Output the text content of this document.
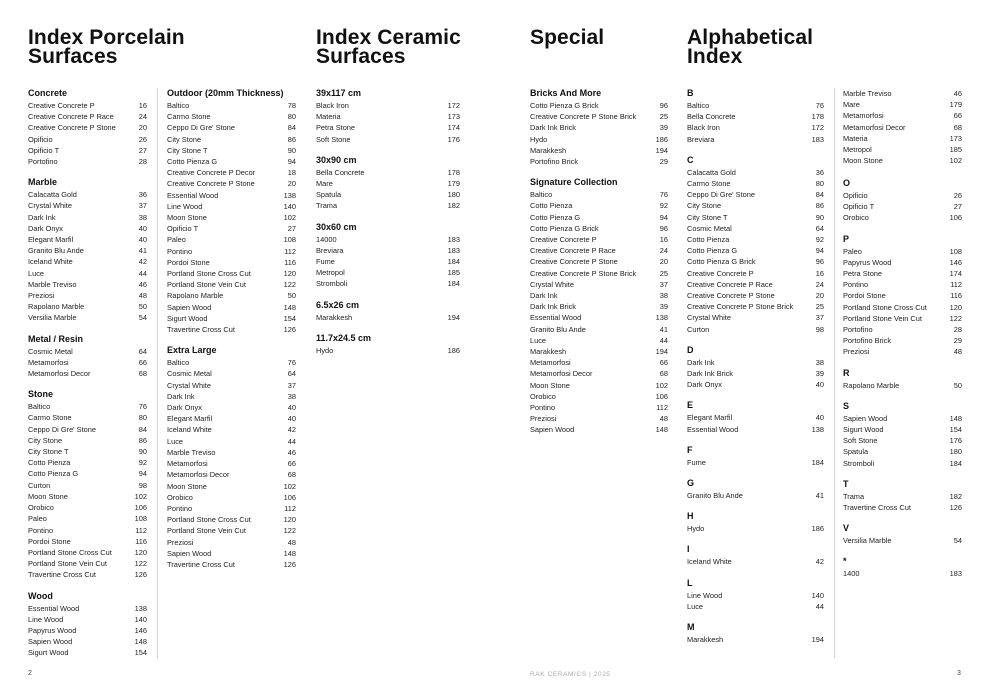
Index Porcelain
Surfaces
Index Ceramic
Surfaces
Special	Alphabetical
Index
Concrete
Creative Concrete P	16
Creative Concrete P Race	24
Creative Concrete P Stone	20
Opificio	26
Opificio T	27
Portofino	28
Marble
Calacatta Gold	36
Crystal White	37
Dark Ink	38
Dark Onyx	40
Elegant Marfil	40
Granito Blu Ande	41
Iceland White	42
Luce	44
Marble Treviso	46
Preziosi	48
Rapolano Marble	50
Versilia Marble	54
Metal / Resin
Cosmic Metal	64
Metamorfosi	66
Metamorfosi Decor	68
Stone
Baltico	76
Carmo Stone	80
Ceppo Di Gre' Stone	84
City Stone	86
City Stone T	90
Cotto Pienza	92
Cotto Pienza G	94
Curton	98
Moon Stone	102
Orobico	106
Paleo	108
Pontino	112
Pordoi Stone	116
Portland Stone Cross Cut	120
Portland Stone Vein Cut	122
Travertine Cross Cut	126
Wood
Essential Wood	138
Line Wood	140
Papyrus Wood	146
Sapien Wood	148
Sigurt Wood	154
Outdoor (20mm Thickness)
Baltico	78
Carmo Stone	80
Ceppo Di Gre' Stone	84
City Stone	86
City Stone T	90
Cotto Pienza G	94
Creative Concrete P Decor	18
Creative Concrete P Stone	20
Essential Wood	138
Line Wood	140
Moon Stone	102
Opificio T	27
Paleo	108
Pontino	112
Pordoi Stone	116
Portland Stone Cross Cut	120
Portland Stone Vein Cut	122
Rapolano Marble	50
Sapien Wood	148
Sigurt Wood	154
Travertine Cross Cut	126
Extra Large
Baltico	76
Cosmic Metal	64
Crystal White	37
Dark Ink	38
Dark Onyx	40
Elegant Marfil	40
Iceland White	42
Luce	44
Marble Treviso	46
Metamorfosi	66
Metamorfosi Decor	68
Moon Stone	102
Orobico	106
Pontino	112
Portland Stone Cross Cut	120
Portland Stone Vein Cut	122
Preziosi	48
Sapien Wood	148
Travertine Cross Cut	126
39x117 cm
Black Iron	172
Materia	173
Petra Stone	174
Soft Stone	176
30x90 cm
Bella Concrete	178
Mare	179
Spatula	180
Trama	182
30x60 cm
14000	183
Breviara	183
Fume	184
Metropol	185
Stromboli	184
6.5x26 cm
Marakkesh	194
11.7x24.5 cm
Hydo	186
Bricks And More
Cotto Pienza G Brick	96
Creative Concrete P Stone Brick	25
Dark Ink Brick	39
Hydo	186
Marakkesh	194
Portofino Brick	29
Signature Collection
Baltico	76
Cotto Pienza	92
Cotto Pienza G	94
Cotto Pienza G Brick	96
Creative Concrete P	16
Creative Concrete P Race	24
Creative Concrete P Stone	20
Creative Concrete P Stone Brick	25
Crystal White	37
Dark Ink	38
Dark Ink Brick	39
Essential Wood	138
Granito Blu Ande	41
Luce	44
Marakkesh	194
Metamorfosi	66
Metamorfosi Decor	68
Moon Stone	102
Orobico	106
Pontino	112
Preziosi	48
Sapien Wood	148
B
Baltico	76
Bella Concrete	178
Black Iron	172
Breviara	183
C
Calacatta Gold	36
Carmo Stone	80
Ceppo Di Gre' Stone	84
City Stone	86
City Stone T	90
Cosmic Metal	64
Cotto Pienza	92
Cotto Pienza G	94
Cotto Pienza G Brick	96
Creative Concrete P	16
Creative Concrete P Race	24
Creative Concrete P Stone	20
Creative Concrete P Stone Brick	25
Crystal White	37
Curton	98
D
Dark Ink	38
Dark Ink Brick	39
Dark Onyx	40
E
Elegant Marfil	40
Essential Wood	138
F
Fume	184
G
Granito Blu Ande	41
H
Hydo	186
I
Iceland White	42
L
Line Wood	140
Luce	44
M
Marakkesh	194
Marble Treviso	46
Mare	179
Metamorfosi	66
Metamorfosi Decor	68
Materia	173
Metropol	185
Moon Stone	102
O
Opificio	26
Opificio T	27
Orobico	106
P
Paleo	108
Papyrus Wood	146
Petra Stone	174
Pontino	112
Pordoi Stone	116
Portland Stone Cross Cut	120
Portland Stone Vein Cut	122
Portofino	28
Portofino Brick	29
Preziosi	48
R
Rapolano Marble	50
S
Sapien Wood	148
Sigurt Wood	154
Soft Stone	176
Spatula	180
Stromboli	184
T
Trama	182
Travertine Cross Cut	126
V
Versilia Marble	54
*
1400	183
2	RAK CERAMICS | 2025	3
